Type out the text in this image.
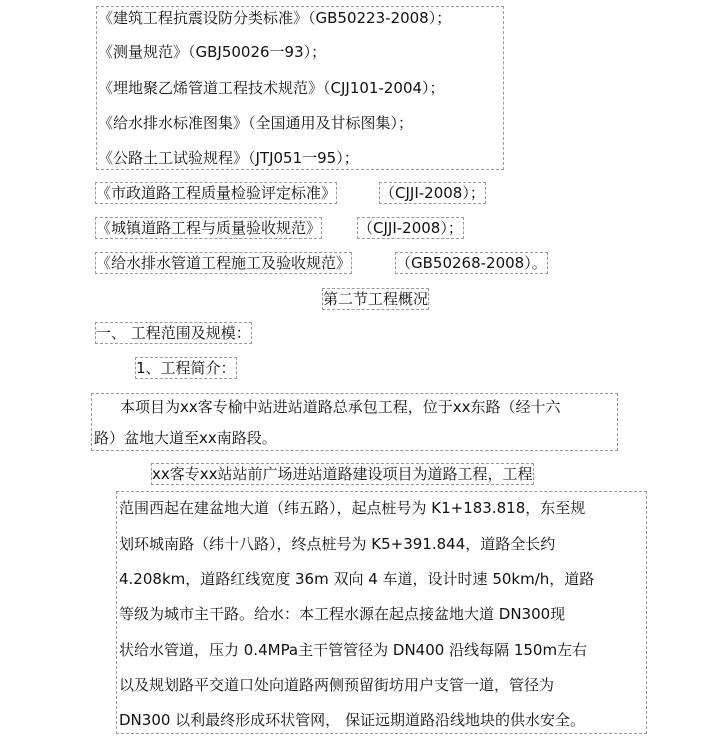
《建筑工程抗震设防分类标准》（GB50223-2008）；
《测量规范》（GBJ50026一93）；
《埋地聚乙烯管道工程技术规范》（CJJ101-2004）；
《给水排水标准图集》（全国通用及甘标图集）；
《公路土工试验规程》（JTJ051一95）；
《市政道路工程质量检验评定标准》	（CJJI-2008）；
《城镇道路工程与质量验收规范》 （CJJI-2008）；
《给水排水管道工程施工及验收规范》	（GB50268-2008）。
第二节工程概况
一、 工程范围及规模：
1、工程简介：
本项目为xx客专榆中站进站道路总承包工程，位于xx东路（经十六
路）盆地大道至xx南路段。
xx客专xx站站前广场进站道路建设项目为道路工程，工程
范围西起在建盆地大道（纬五路），起点桩号为 K1+183.818，东至规
划环城南路（纬十八路），终点桩号为 K5+391.844，道路全长约
4.208km，道路红线宽度 36m 双向 4 车道，设计时速 50km/h，道路
等级为城市主干路。给水：本工程水源在起点接盆地大道 DN300现
状给水管道，压力 0.4MPa主干管管径为 DN400 沿线每隔 150m左右
以及规划路平交道口处向道路两侧预留街坊用户支管一道，管径为
DN300 以利最终形成环状管网， 保证远期道路沿线地块的供水安全。
